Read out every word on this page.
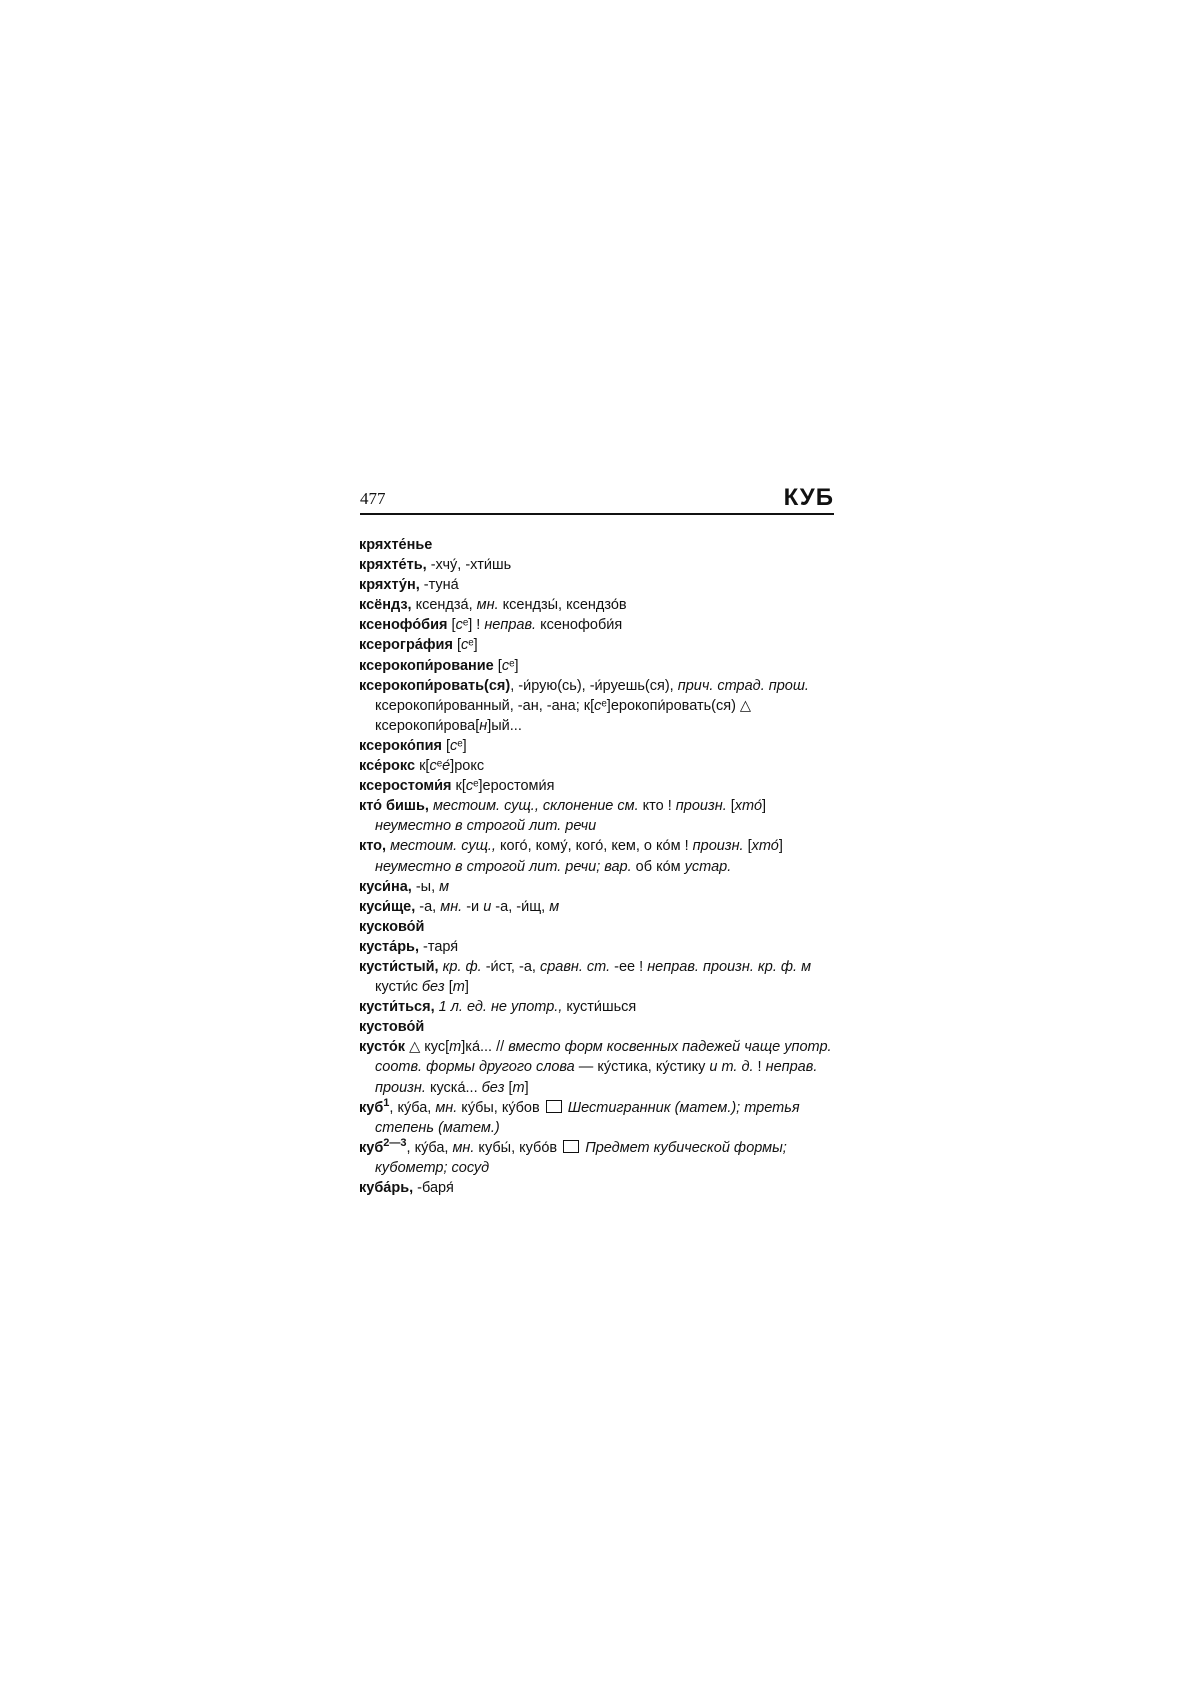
477	КУБ
кряхте́нье
кряхте́ть, -хчу́, -хти́шь
кряхту́н, -туна́
ксёндз, ксендза́, мн. ксендзы́, ксендзо́в
ксенофо́бия [сᵉ] ! неправ. ксенофоби́я
ксерогра́фия [сᵉ]
ксерокопи́рование [сᵉ]
ксерокопи́ровать(ся), -и́рую(сь), -и́руешь(ся), прич. страд. прош. ксерокопи́рованный, -ан, -ана; к[сᵉ]ерокопи́ровать(ся) △ ксерокопи́рова[н]ый...
ксероко́пия [сᵉ]
ксе́рокс к[сᵉе́]рокс
ксеростоми́я к[сᵉ]еростоми́я
кто́ бишь, местоим. сущ., склонение см. кто ! произн. [хто́] неуместно в строгой лит. речи
кто, местоим. сущ., кого́, кому́, кого́, кем, о ко́м ! произн. [хто́] неуместно в строгой лит. речи; вар. об ко́м устар.
куси́на, -ы, м
куси́ще, -а, мн. -и и -а, -и́щ, м
кусково́й
куста́рь, -таря́
кусти́стый, кр. ф. -и́ст, -а, сравн. ст. -ее ! неправ. произн. кр. ф. м кусти́с без [т]
кусти́ться, 1 л. ед. не употр., кусти́шься
кустово́й
кусто́к △ кус[т]ка́... // вместо форм косвенных падежей чаще употр. соотв. формы другого слова — ку́стика, ку́стику и т. д. ! неправ. произн. куска́... без [т]
куб$^1$, ку́ба, мн. ку́бы, ку́бов  Шестигранник (матем.); третья степень (матем.)
куб$^{2—3}$, ку́ба, мн. кубы́, кубо́в  Предмет кубической формы; кубометр; сосуд
куба́рь, -баря́
